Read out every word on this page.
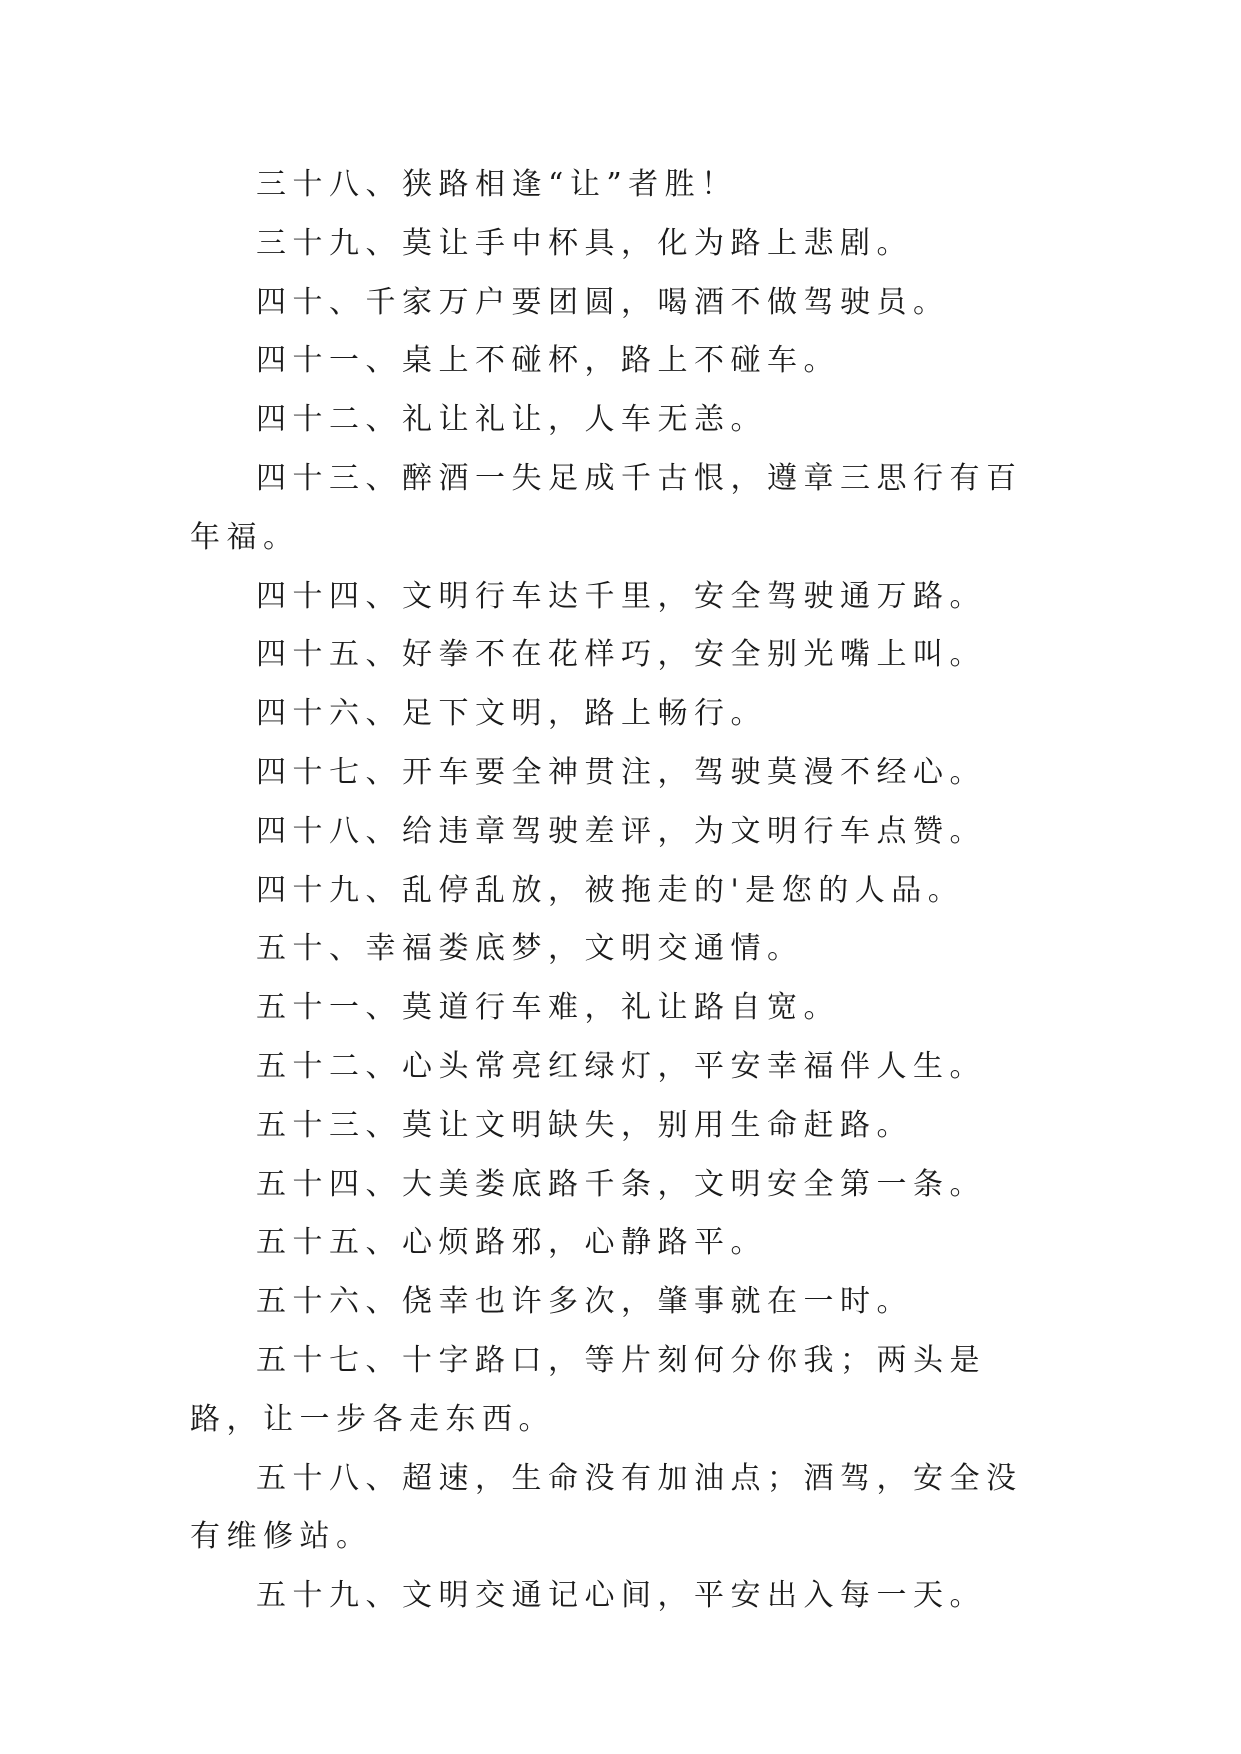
三十八、狭路相逢“让”者胜！

三十九、莫让手中杯具，化为路上悲剧。

四十、千家万户要团圆，喝酒不做驾驶员。

四十一、桌上不碰杯，路上不碰车。

四十二、礼让礼让，人车无恙。

四十三、醉酒一失足成千古恨，遵章三思行有百年福。

四十四、文明行车达千里，安全驾驶通万路。

四十五、好拳不在花样巧，安全别光嘴上叫。

四十六、足下文明，路上畅行。

四十七、开车要全神贯注，驾驶莫漫不经心。

四十八、给违章驾驶差评，为文明行车点赞。

四十九、乱停乱放，被拖走的'是您的人品。

五十、幸福娄底梦，文明交通情。

五十一、莫道行车难，礼让路自宽。

五十二、心头常亮红绿灯，平安幸福伴人生。

五十三、莫让文明缺失，别用生命赶路。

五十四、大美娄底路千条，文明安全第一条。

五十五、心烦路邪，心静路平。

五十六、侥幸也许多次，肇事就在一时。

五十七、十字路口，等片刻何分你我；两头是路，让一步各走东西。

五十八、超速，生命没有加油点；酒驾，安全没有维修站。

五十九、文明交通记心间，平安出入每一天。
